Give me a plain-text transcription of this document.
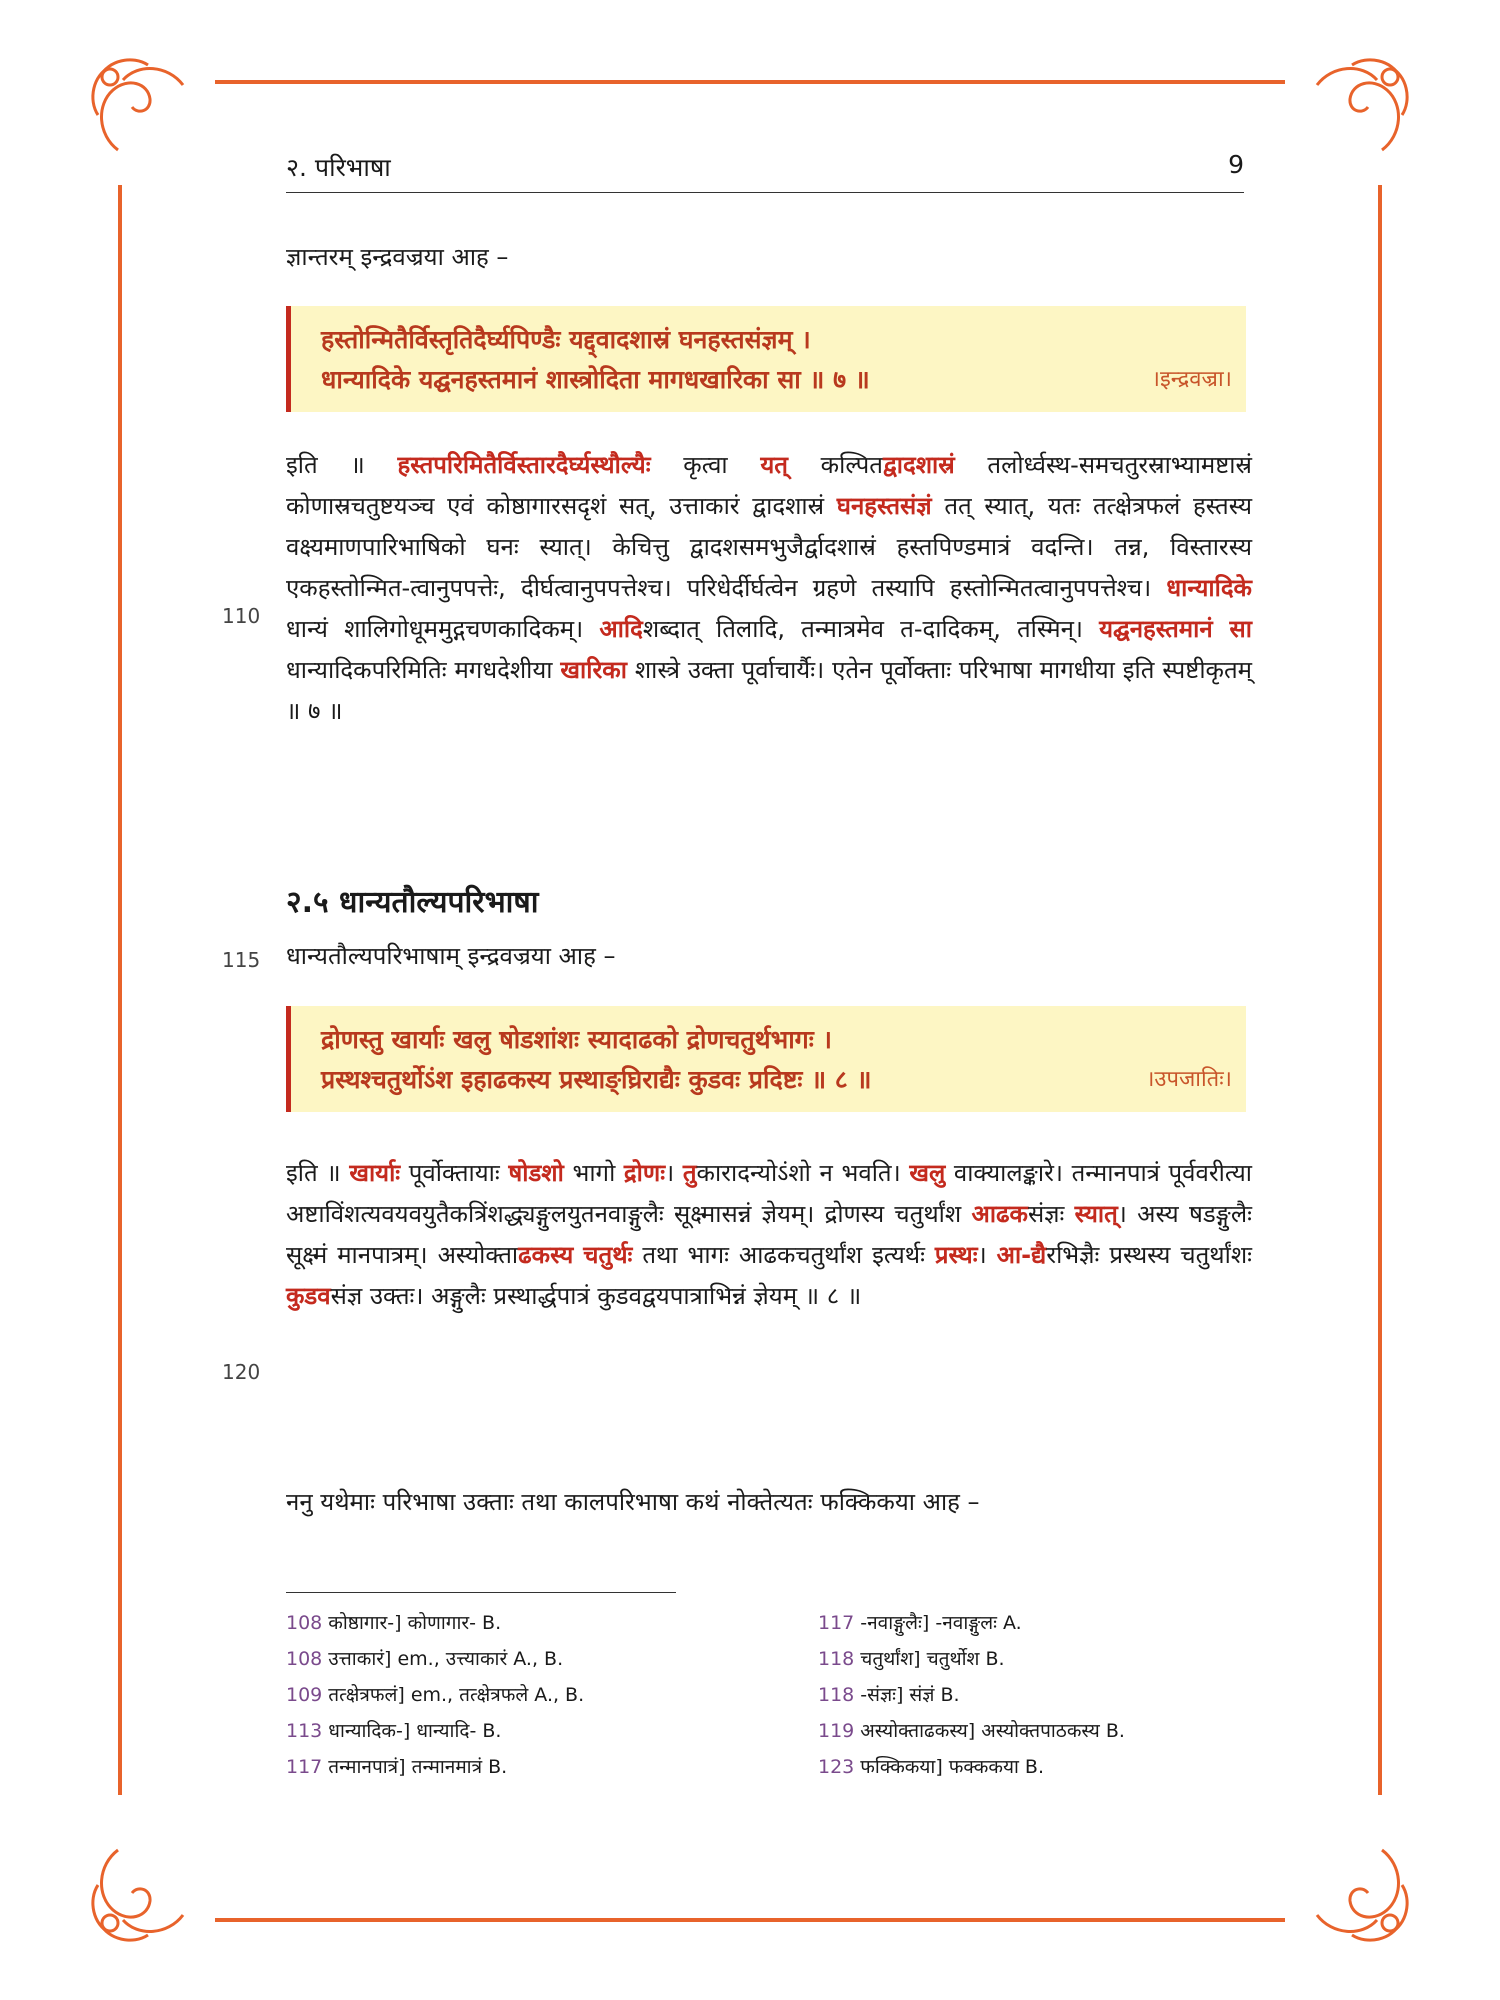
२. परिभाषा	9
ज्ञान्तरम् इन्द्रवज्रया आह –
हस्तोन्मितैर्विस्तृतिदैर्घ्यपिण्डैः यद्द्वादशास्रं घनहस्तसंज्ञम् ।
धान्यादिके यद्घनहस्तमानं शास्त्रोदिता मागधखारिका सा ॥ ७ ॥	।इन्द्रवज्रा।
इति ॥ हस्तपरिमितैर्विस्तारदैर्घ्यस्थौल्यैः कृत्वा यत् कल्पितद्वादशास्रं तलोर्ध्वस्थ-समचतुरस्राभ्यामष्टास्रं कोणास्रचतुष्टयञ्च एवं कोष्ठागारसदृशं सत्, उत्ताकारं द्वादशास्रं घनहस्तसंज्ञं तत् स्यात्, यतः तत्क्षेत्रफलं हस्तस्य वक्ष्यमाणपारिभाषिको घनः स्यात्। केचित्तु द्वादशसमभुजैर्द्वादशास्रं हस्तपिण्डमात्रं वदन्ति। तन्न, विस्तारस्य एकहस्तोन्मित-त्वानुपपत्तेः, दीर्घत्वानुपपत्तेश्च। परिधेर्दीर्घत्वेन ग्रहणे तस्यापि हस्तोन्मितत्वानुपपत्तेश्च। धान्यादिके धान्यं शालिगोधूममुद्गचणकादिकम्। आदिशब्दात् तिलादि, तन्मात्रमेव त-दादिकम्, तस्मिन्। यद्घनहस्तमानं सा धान्यादिकपरिमितिः मगधदेशीया खारिका शास्त्रे उक्ता पूर्वाचार्यैः। एतेन पूर्वोक्ताः परिभाषा मागधीया इति स्पष्टीकृतम् ॥ ७ ॥
२.५ धान्यतौल्यपरिभाषा
धान्यतौल्यपरिभाषाम् इन्द्रवज्रया आह –
द्रोणस्तु खार्याः खलु षोडशांशः स्यादाढको द्रोणचतुर्थभागः ।
प्रस्थश्चतुर्थोऽंश इहाढकस्य प्रस्थाङ्घ्रिराद्यैः कुडवः प्रदिष्टः ॥ ८ ॥	।उपजातिः।
इति ॥ खार्याः पूर्वोक्तायाः षोडशो भागो द्रोणः। तुकारादन्योऽंशो न भवति। खलु वाक्यालङ्कारे। तन्मानपात्रं पूर्ववरीत्या अष्टाविंशत्यवयवयुतैकत्रिंशद्ध्यङ्गुलयुतनवाङ्गुलैः सूक्ष्मासन्नं ज्ञेयम्। द्रोणस्य चतुर्थांश आढकसंज्ञः स्यात्। अस्य षडङ्गुलैः सूक्ष्मं मानपात्रम्। अस्योक्ताढकस्य चतुर्थः तथा भागः आढकचतुर्थांश इत्यर्थः प्रस्थः। आ-द्यैरभिज्ञैः प्रस्थस्य चतुर्थांशः कुडवसंज्ञ उक्तः। अङ्गुलैः प्रस्थार्द्धपात्रं कुडवद्वयपात्राभिन्नं ज्ञेयम् ॥ ८ ॥
ननु यथेमाः परिभाषा उक्ताः तथा कालपरिभाषा कथं नोक्तेत्यतः फक्किकया आह –
110
115
120
108 कोष्ठागार-] कोणागार- B.
108 उत्ताकारं] em., उत्त्याकारं A., B.
109 तत्क्षेत्रफलं] em., तत्क्षेत्रफले A., B.
113 धान्यादिक-] धान्यादि- B.
117 तन्मानपात्रं] तन्मानमात्रं B.
117 -नवाङ्गुलैः] -नवाङ्गुलः A.
118 चतुर्थांश] चतुर्थोश B.
118 -संज्ञः] संज्ञं B.
119 अस्योक्ताढकस्य] अस्योक्तपाठकस्य B.
123 फक्किकया] फक्ककया B.
